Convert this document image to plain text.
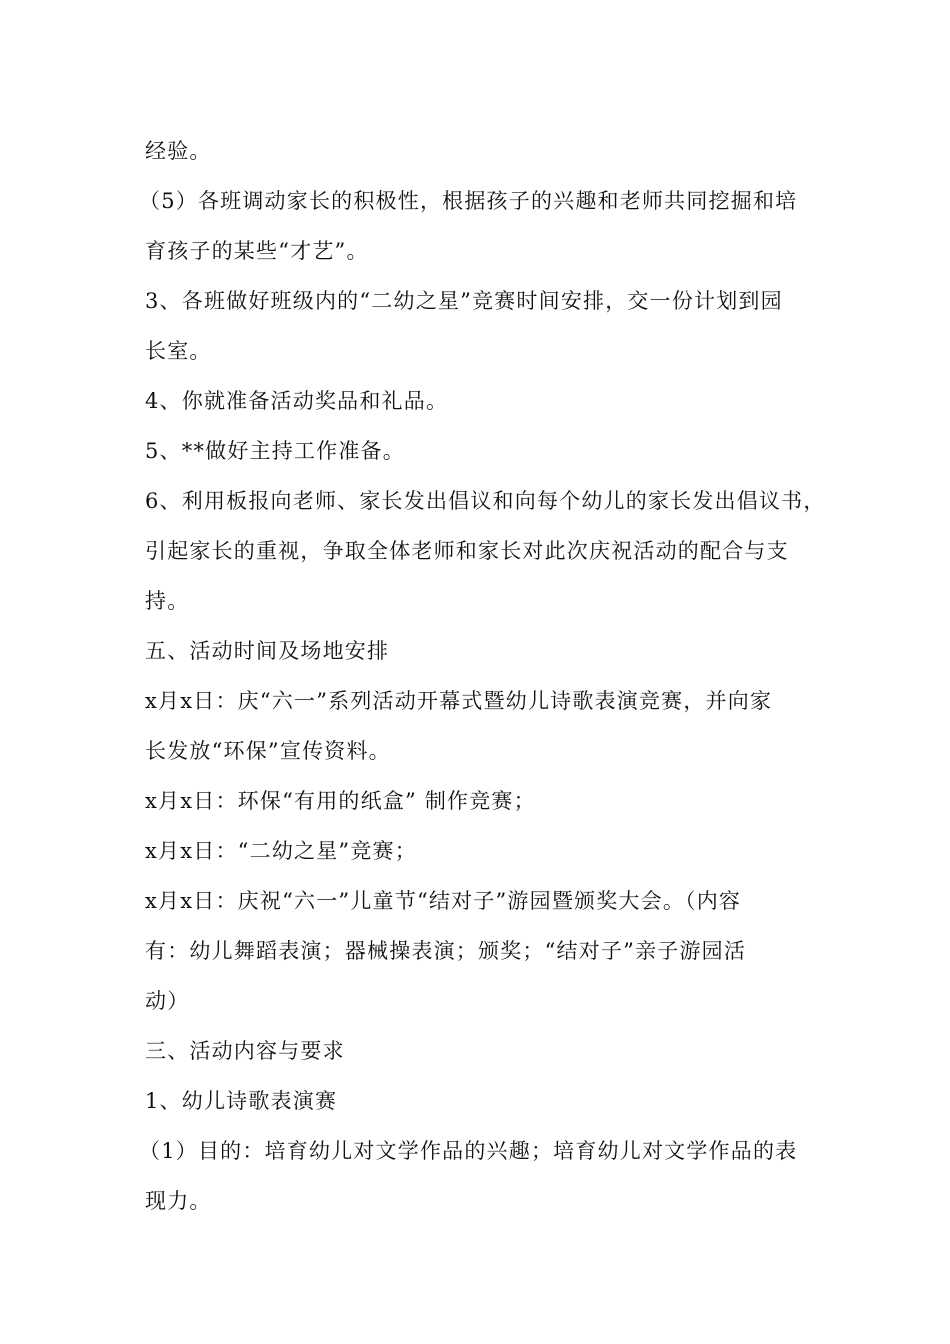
经验。
（5）各班调动家长的积极性，根据孩子的兴趣和老师共同挖掘和培
育孩子的某些“才艺”。
3、各班做好班级内的“二幼之星”竞赛时间安排，交一份计划到园
长室。
4、你就准备活动奖品和礼品。
5、**做好主持工作准备。
6、利用板报向老师、家长发出倡议和向每个幼儿的家长发出倡议书，
引起家长的重视，争取全体老师和家长对此次庆祝活动的配合与支
持。
五、活动时间及场地安排
x月x日：庆“六一”系列活动开幕式暨幼儿诗歌表演竞赛，并向家
长发放“环保”宣传资料。
x月x日：环保“有用的纸盒” 制作竞赛；
x月x日：“二幼之星”竞赛；
x月x日：庆祝“六一”儿童节“结对子”游园暨颁奖大会。（内容
有：幼儿舞蹈表演；器械操表演；颁奖；“结对子”亲子游园活
动）
三、活动内容与要求
1、幼儿诗歌表演赛
（1）目的：培育幼儿对文学作品的兴趣；培育幼儿对文学作品的表
现力。
